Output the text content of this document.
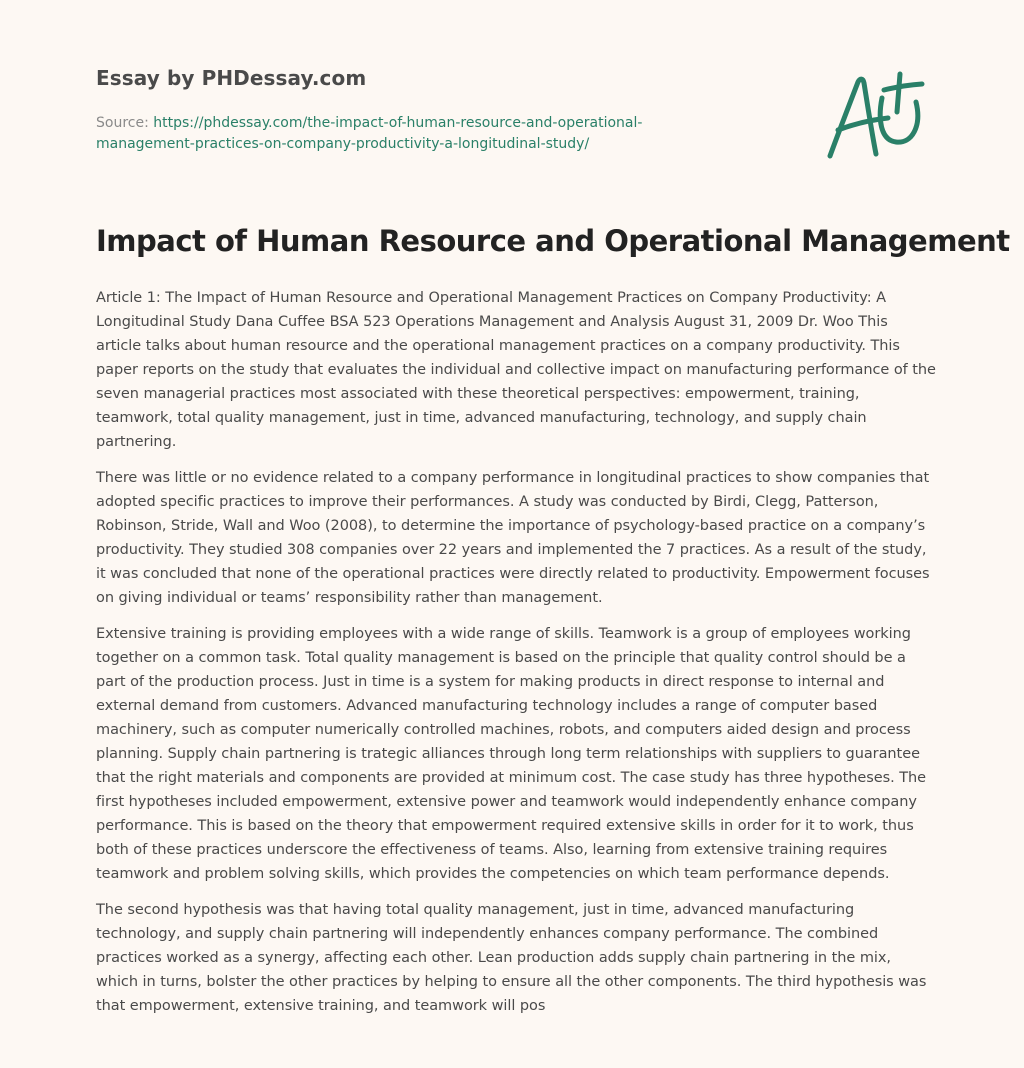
Essay by PHDessay.com
Source: https://phdessay.com/the-impact-of-human-resource-and-operational-management-practices-on-company-productivity-a-longitudinal-study/
Impact of Human Resource and Operational Management

Article 1: The Impact of Human Resource and Operational Management Practices on Company Productivity: A Longitudinal Study Dana Cuffee BSA 523 Operations Management and Analysis August 31, 2009 Dr. Woo This article talks about human resource and the operational management practices on a company productivity. This paper reports on the study that evaluates the individual and collective impact on manufacturing performance of the seven managerial practices most associated with these theoretical perspectives: empowerment, training, teamwork, total quality management, just in time, advanced manufacturing, technology, and supply chain partnering.

There was little or no evidence related to a company performance in longitudinal practices to show companies that adopted specific practices to improve their performances. A study was conducted by Birdi, Clegg, Patterson, Robinson, Stride, Wall and Woo (2008), to determine the importance of psychology-based practice on a company’s productivity. They studied 308 companies over 22 years and implemented the 7 practices. As a result of the study, it was concluded that none of the operational practices were directly related to productivity. Empowerment focuses on giving individual or teams’ responsibility rather than management.

Extensive training is providing employees with a wide range of skills. Teamwork is a group of employees working together on a common task. Total quality management is based on the principle that quality control should be a part of the production process. Just in time is a system for making products in direct response to internal and external demand from customers. Advanced manufacturing technology includes a range of computer based machinery, such as computer numerically controlled machines, robots, and computers aided design and process planning. Supply chain partnering is trategic alliances through long term relationships with suppliers to guarantee that the right materials and components are provided at minimum cost. The case study has three hypotheses. The first hypotheses included empowerment, extensive power and teamwork would independently enhance company performance. This is based on the theory that empowerment required extensive skills in order for it to work, thus both of these practices underscore the effectiveness of teams. Also, learning from extensive training requires teamwork and problem solving skills, which provides the competencies on which team performance depends.

The second hypothesis was that having total quality management, just in time, advanced manufacturing technology, and supply chain partnering will independently enhances company performance. The combined practices worked as a synergy, affecting each other. Lean production adds supply chain partnering in the mix, which in turns, bolster the other practices by helping to ensure all the other components. The third hypothesis was that empowerment, extensive training, and teamwork will pos
